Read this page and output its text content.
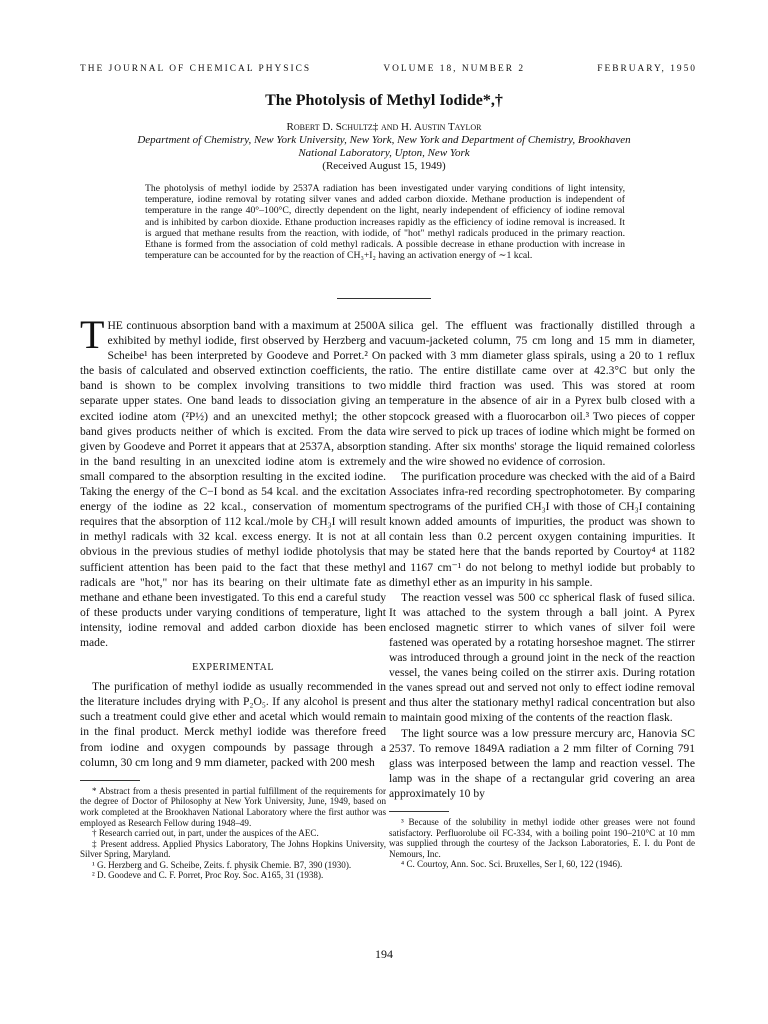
THE JOURNAL OF CHEMICAL PHYSICS	VOLUME 18, NUMBER 2	FEBRUARY, 1950
The Photolysis of Methyl Iodide*,†
Robert D. Schultz‡ and H. Austin Taylor
Department of Chemistry, New York University, New York, New York and Department of Chemistry, Brookhaven National Laboratory, Upton, New York
(Received August 15, 1949)
The photolysis of methyl iodide by 2537A radiation has been investigated under varying conditions of light intensity, temperature, iodine removal by rotating silver vanes and added carbon dioxide. Methane production is independent of temperature in the range 40°–100°C, directly dependent on the light, nearly independent of efficiency of iodine removal and is inhibited by carbon dioxide. Ethane production increases rapidly as the efficiency of iodine removal is increased. It is argued that methane results from the reaction, with iodide, of "hot" methyl radicals produced in the primary reaction. Ethane is formed from the association of cold methyl radicals. A possible decrease in ethane production with increase in temperature can be accounted for by the reaction of CH₃+I₂ having an activation energy of ∼1 kcal.

THE continuous absorption band with a maximum at 2500A exhibited by methyl iodide, first observed by Herzberg and Scheibe¹ has been interpreted by Goodeve and Porret.² On the basis of calculated and observed extinction coefficients, the band is shown to be complex involving transitions to two separate upper states. One band leads to dissociation giving an excited iodine atom (²P½) and an unexcited methyl; the other band gives products neither of which is excited. From the data given by Goodeve and Porret it appears that at 2537A, absorption in the band resulting in an unexcited iodine atom is extremely small compared to the absorption resulting in the excited iodine. Taking the energy of the C−I bond as 54 kcal. and the excitation energy of the iodine as 22 kcal., conservation of momentum requires that the absorption of 112 kcal./mole by CH₃I will result in methyl radicals with 32 kcal. excess energy. It is not at all obvious in the previous studies of methyl iodide photolysis that sufficient attention has been paid to the fact that these methyl radicals are "hot," nor has its bearing on their ultimate fate as methane and ethane been investigated. To this end a careful study of these products under varying conditions of temperature, light intensity, iodine removal and added carbon dioxide has been made.

EXPERIMENTAL

The purification of methyl iodide as usually recommended in the literature includes drying with P₂O₅. If any alcohol is present such a treatment could give ether and acetal which would remain in the final product. Merck methyl iodide was therefore freed from iodine and oxygen compounds by passage through a column, 30 cm long and 9 mm diameter, packed with 200 mesh

* Abstract from a thesis presented in partial fulfillment of the requirements for the degree of Doctor of Philosophy at New York University, June, 1949, based on work completed at the Brookhaven National Laboratory where the first author was employed as Research Fellow during 1948–49.

† Research carried out, in part, under the auspices of the AEC.

‡ Present address. Applied Physics Laboratory, The Johns Hopkins University, Silver Spring, Maryland.

¹ G. Herzberg and G. Scheibe, Zeits. f. physik Chemie. B7, 390 (1930).

² D. Goodeve and C. F. Porret, Proc Roy. Soc. A165, 31 (1938).

silica gel. The effluent was fractionally distilled through a vacuum-jacketed column, 75 cm long and 15 mm in diameter, packed with 3 mm diameter glass spirals, using a 20 to 1 reflux ratio. The entire distillate came over at 42.3°C but only the middle third fraction was used. This was stored at room temperature in the absence of air in a Pyrex bulb closed with a stopcock greased with a fluorocarbon oil.³ Two pieces of copper wire served to pick up traces of iodine which might be formed on standing. After six months' storage the liquid remained colorless and the wire showed no evidence of corrosion.

The purification procedure was checked with the aid of a Baird Associates infra-red recording spectrophotometer. By comparing spectrograms of the purified CH₃I with those of CH₃I containing known added amounts of impurities, the product was shown to contain less than 0.2 percent oxygen containing impurities. It may be stated here that the bands reported by Courtoy⁴ at 1182 and 1167 cm⁻¹ do not belong to methyl iodide but probably to dimethyl ether as an impurity in his sample.

The reaction vessel was 500 cc spherical flask of fused silica. It was attached to the system through a ball joint. A Pyrex enclosed magnetic stirrer to which vanes of silver foil were fastened was operated by a rotating horseshoe magnet. The stirrer was introduced through a ground joint in the neck of the reaction vessel, the vanes being coiled on the stirrer axis. During rotation the vanes spread out and served not only to effect iodine removal and thus alter the stationary methyl radical concentration but also to maintain good mixing of the contents of the reaction flask.

The light source was a low pressure mercury arc, Hanovia SC 2537. To remove 1849A radiation a 2 mm filter of Corning 791 glass was interposed between the lamp and reaction vessel. The lamp was in the shape of a rectangular grid covering an area approximately 10 by

³ Because of the solubility in methyl iodide other greases were not found satisfactory. Perfluorolube oil FC-334, with a boiling point 190–210°C at 10 mm was supplied through the courtesy of the Jackson Laboratories, E. I. du Pont de Nemours, Inc.

⁴ C. Courtoy, Ann. Soc. Sci. Bruxelles, Ser I, 60, 122 (1946).

194
